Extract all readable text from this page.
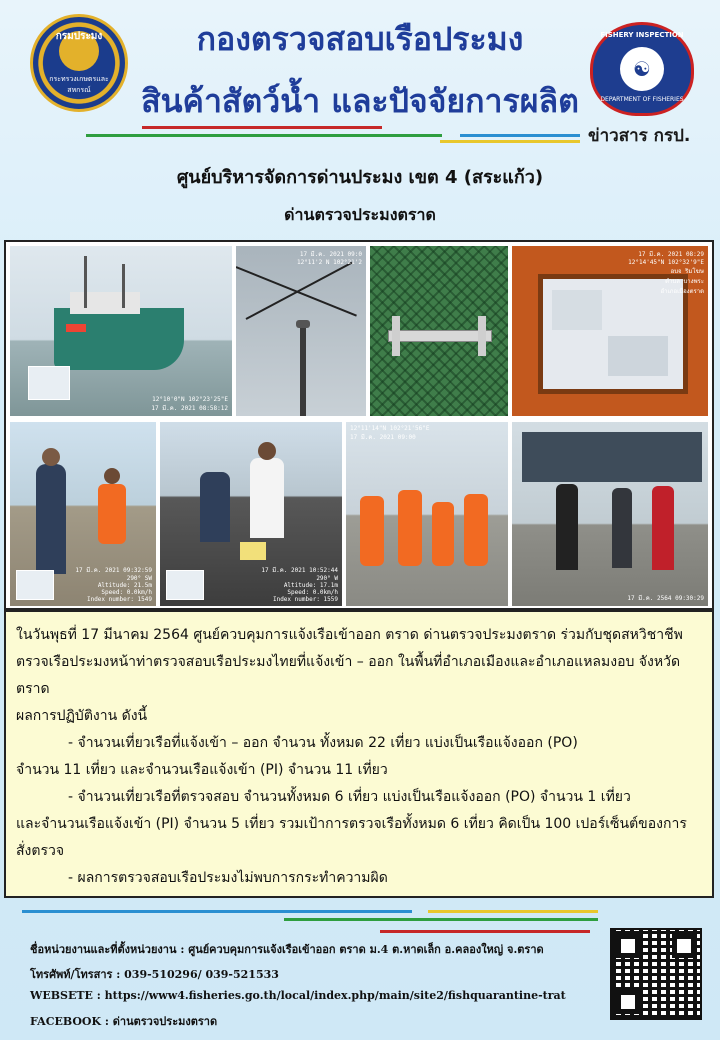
กรมประมง
กระทรวงเกษตรและสหกรณ์
กองตรวจสอบเรือประมง
สินค้าสัตว์น้ำ และปัจจัยการผลิต
FISHERY INSPECTION
☯
DEPARTMENT OF FISHERIES
ข่าวสาร กรป.
ศูนย์บริหารจัดการด่านประมง เขต 4 (สระแก้ว)
ด่านตรวจประมงตราด
12°10'0"N 102°23'25"E
17 มี.ค. 2021 08:58:12
17 มี.ค. 2021 09:0
12°11'2 N 102°21'2
17 มี.ค. 2021 08:29
12°14'45"N 102°32'9"E
อบจ ริมโฆษ
ตำบล บางพระ
อำเภอเมืองตราด
17 มี.ค. 2021 09:32:59
290° SW
Altitude: 21.5m
Speed: 0.0km/h
Index number: 1549
17 มี.ค. 2021 10:52:44
290° W
Altitude: 17.1m
Speed: 0.0km/h
Index number: 1559
12°11'14"N 102°21'56"E
17 มี.ค. 2021 09:00
17 มี.ค. 2564 09:30:29

ในวันพุธที่ 17 มีนาคม 2564 ศูนย์ควบคุมการแจ้งเรือเข้าออก ตราด ด่านตรวจประมงตราด ร่วมกับชุดสหวิชาชีพตรวจเรือประมงหน้าท่าตรวจสอบเรือประมงไทยที่แจ้งเข้า – ออก ในพื้นที่อำเภอเมืองและอำเภอแหลมงอบ จังหวัดตราด

ผลการปฏิบัติงาน ดังนี้

- จำนวนเที่ยวเรือที่แจ้งเข้า – ออก จำนวน ทั้งหมด 22 เที่ยว แบ่งเป็นเรือแจ้งออก (PO)

จำนวน 11 เที่ยว และจำนวนเรือแจ้งเข้า (PI) จำนวน 11 เที่ยว

- จำนวนเที่ยวเรือที่ตรวจสอบ จำนวนทั้งหมด 6 เที่ยว แบ่งเป็นเรือแจ้งออก (PO) จำนวน 1 เที่ยว

และจำนวนเรือแจ้งเข้า (PI) จำนวน 5 เที่ยว รวมเป้าการตรวจเรือทั้งหมด 6 เที่ยว คิดเป็น 100 เปอร์เซ็นต์ของการสั่งตรวจ

- ผลการตรวจสอบเรือประมงไม่พบการกระทำความผิด

ชื่อหน่วยงานและที่ตั้งหน่วยงาน : ศูนย์ควบคุมการแจ้งเรือเข้าออก ตราด ม.4 ต.หาดเล็ก อ.คลองใหญ่ จ.ตราด
โทรศัพท์/โทรสาร : 039-510296/ 039-521533
WEBSETE : https://www4.fisheries.go.th/local/index.php/main/site2/fishquarantine-trat
FACEBOOK : ด่านตรวจประมงตราด
